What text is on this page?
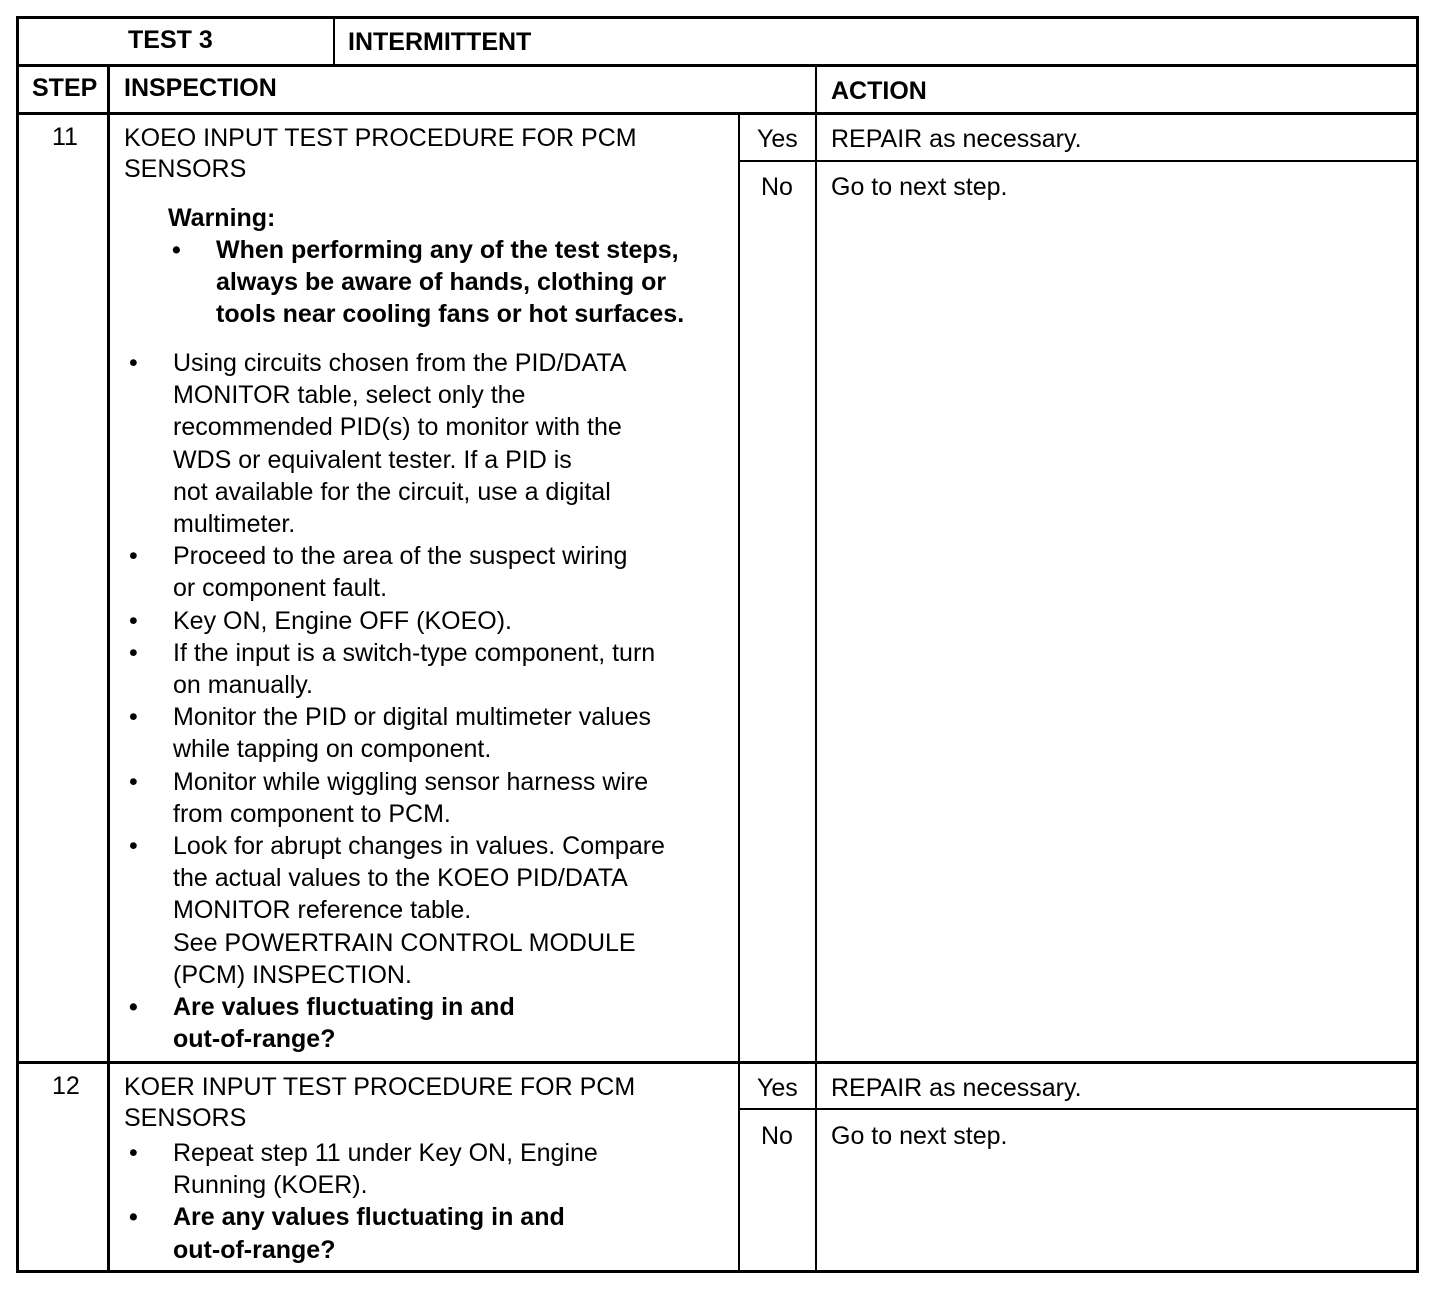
TEST 3	INTERMITTENT
STEP INSPECTION	ACTION
11 KOEO INPUT TEST PROCEDURE FOR PCM
SENSORS
Warning:
• When performing any of the test steps,
always be aware of hands, clothing or
tools near cooling fans or hot surfaces.
• Using circuits chosen from the PID/DATA
MONITOR table, select only the
recommended PID(s) to monitor with the
WDS or equivalent tester. If a PID is
not available for the circuit, use a digital
multimeter.
• Proceed to the area of the suspect wiring
or component fault.
• Key ON, Engine OFF (KOEO).
• If the input is a switch-type component, turn
on manually.
• Monitor the PID or digital multimeter values
while tapping on component.
• Monitor while wiggling sensor harness wire
from component to PCM.
• Look for abrupt changes in values. Compare
the actual values to the KOEO PID/DATA
MONITOR reference table.
See POWERTRAIN CONTROL MODULE
(PCM) INSPECTION.
• Are values fluctuating in and
out-of-range?
Yes REPAIR as necessary.
No Go to next step.
12 KOER INPUT TEST PROCEDURE FOR PCM
SENSORS
• Repeat step 11 under Key ON, Engine
Running (KOER).
• Are any values fluctuating in and
out-of-range?
Yes REPAIR as necessary.
No Go to next step.
